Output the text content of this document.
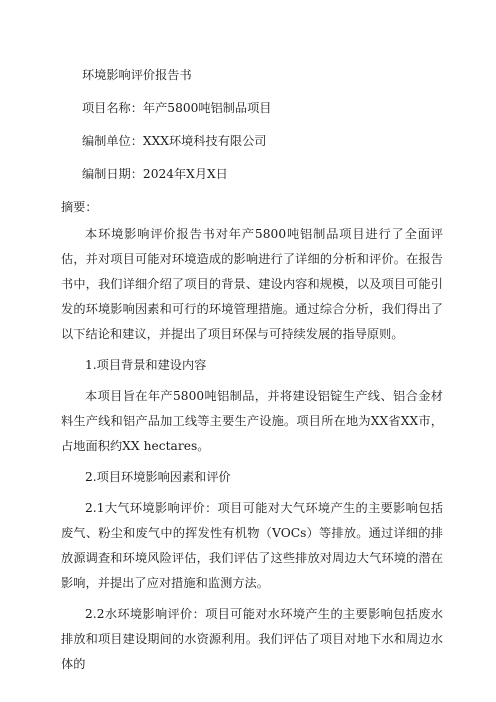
环境影响评价报告书
项目名称：年产5800吨铝制品项目
编制单位：XXX环境科技有限公司
编制日期：2024年X月X日
摘要：
本环境影响评价报告书对年产5800吨铝制品项目进行了全面评估，并对项目可能对环境造成的影响进行了详细的分析和评价。在报告书中，我们详细介绍了项目的背景、建设内容和规模，以及项目可能引发的环境影响因素和可行的环境管理措施。通过综合分析，我们得出了以下结论和建议，并提出了项目环保与可持续发展的指导原则。
1.项目背景和建设内容
本项目旨在年产5800吨铝制品，并将建设铝锭生产线、铝合金材料生产线和铝产品加工线等主要生产设施。项目所在地为XX省XX市，占地面积约XX hectares。
2.项目环境影响因素和评价
2.1大气环境影响评价：项目可能对大气环境产生的主要影响包括废气、粉尘和废气中的挥发性有机物（VOCs）等排放。通过详细的排放源调查和环境风险评估，我们评估了这些排放对周边大气环境的潜在影响，并提出了应对措施和监测方法。
2.2水环境影响评价：项目可能对水环境产生的主要影响包括废水排放和项目建设期间的水资源利用。我们评估了项目对地下水和周边水体的
